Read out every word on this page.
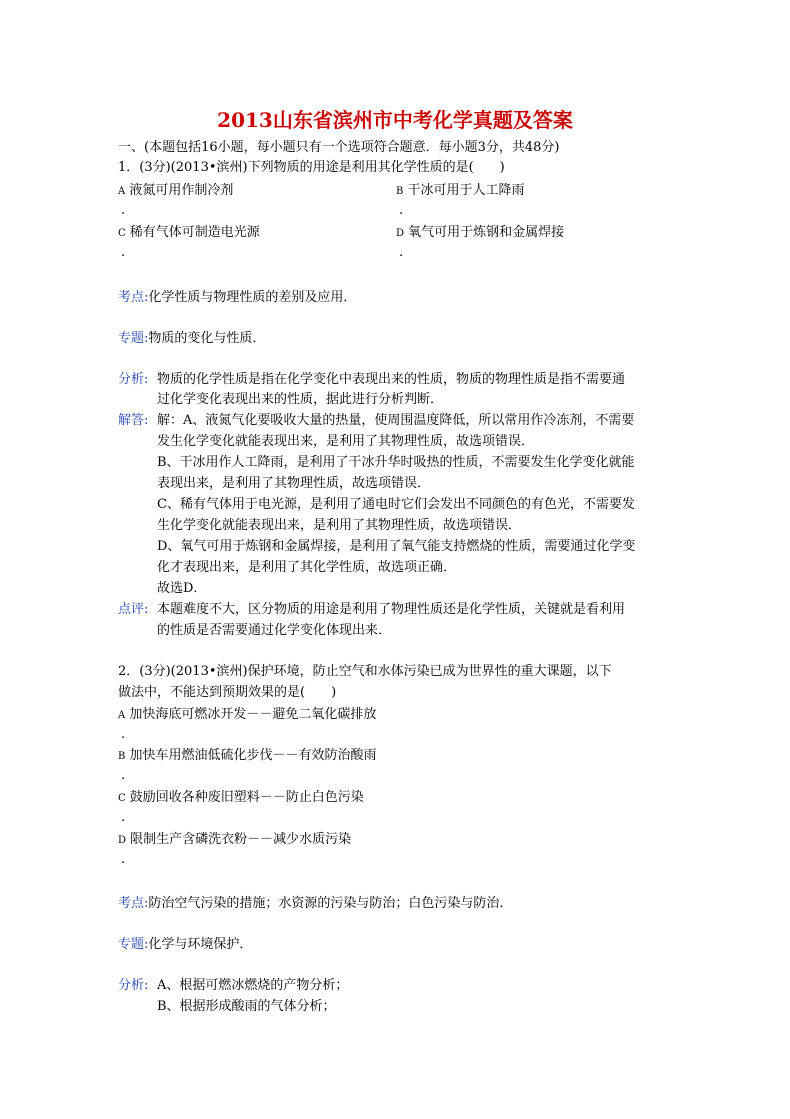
2013山东省滨州市中考化学真题及答案
一、(本题包括16小题，每小题只有一个选项符合题意．每小题3分，共48分)
1．(3分)(2013•滨州)下列物质的用途是利用其化学性质的是(　　)
A 液氮可用作制冷剂
.
B 干冰可用于人工降雨
.
C 稀有气体可制造电光源
.
D 氧气可用于炼钢和金属焊接
.
考点:化学性质与物理性质的差别及应用．
专题:物质的变化与性质．
分析: 物质的化学性质是指在化学变化中表现出来的性质，物质的物理性质是指不需要通
过化学变化表现出来的性质，据此进行分析判断．
解答: 解：A、液氮气化要吸收大量的热量，使周围温度降低，所以常用作冷冻剂，不需要
发生化学变化就能表现出来，是利用了其物理性质，故选项错误．
B、干冰用作人工降雨，是利用了干冰升华时吸热的性质，不需要发生化学变化就能
表现出来，是利用了其物理性质，故选项错误．
C、稀有气体用于电光源，是利用了通电时它们会发出不同颜色的有色光，不需要发
生化学变化就能表现出来，是利用了其物理性质，故选项错误．
D、氧气可用于炼钢和金属焊接，是利用了氧气能支持燃烧的性质，需要通过化学变
化才表现出来，是利用了其化学性质，故选项正确．
故选D．
点评: 本题难度不大，区分物质的用途是利用了物理性质还是化学性质，关键就是看利用
的性质是否需要通过化学变化体现出来．
2．(3分)(2013•滨州)保护环境，防止空气和水体污染已成为世界性的重大课题，以下
做法中，不能达到预期效果的是(　　)
A 加快海底可燃冰开发－－避免二氧化碳排放
.
B 加快车用燃油低硫化步伐－－有效防治酸雨
.
C 鼓励回收各种废旧塑料－－防止白色污染
.
D 限制生产含磷洗衣粉－－减少水质污染
.
考点:防治空气污染的措施；水资源的污染与防治；白色污染与防治．
专题:化学与环境保护．
分析: A、根据可燃冰燃烧的产物分析；
B、根据形成酸雨的气体分析；
